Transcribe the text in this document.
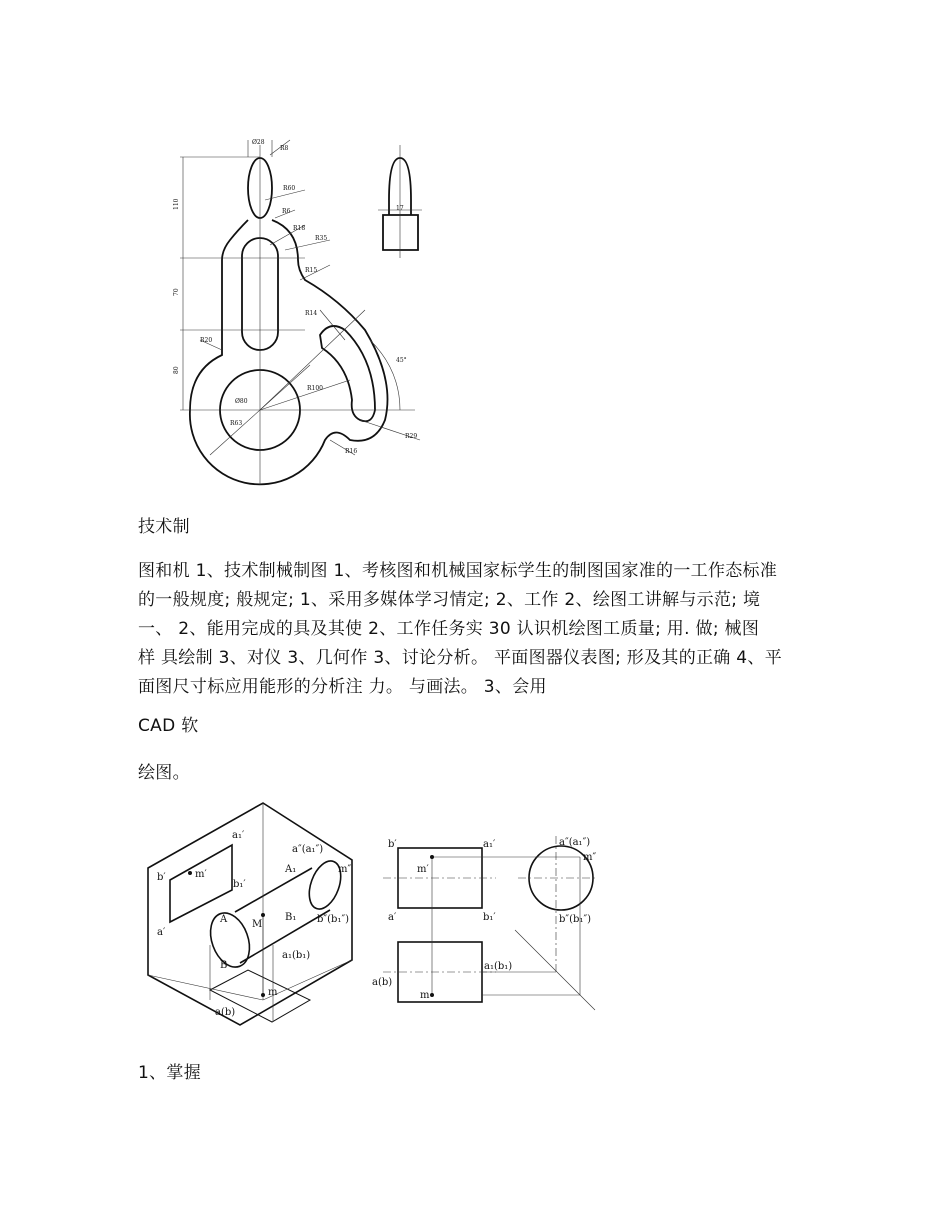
Ø28
R8
R60
R6
R18
R35
R15
R14
R20
R100
Ø80
R63
R29
R16
110
70
80
45°
17
技术制
图和机 1、技术制械制图 1、考核图和机械国家标学生的制图国家准的一工作态标准
的一般规度; 般规定; 1、采用多媒体学习情定; 2、工作 2、绘图工讲解与示范; 境
一、 2、能用完成的具及其使 2、工作任务实 30 认识机绘图工质量; 用. 做; 械图
样 具绘制 3、对仪 3、几何作 3、讨论分析。 平面图器仪表图; 形及其的正确 4、平
面图尺寸标应用能形的分析注 力。 与画法。 3、会用
CAD 软
绘图。
a₁′
b′	m′
b₁′
a′
A M
B₁
A₁
B
a₁(b₁)
a(b)
m
a″(a₁″)
m″
b″(b₁″)
b′	a₁′
m′
a′	b₁′
a₁(b₁)
a(b)
m
a″(a₁″)
m″
b″(b₁″)
1、掌握
